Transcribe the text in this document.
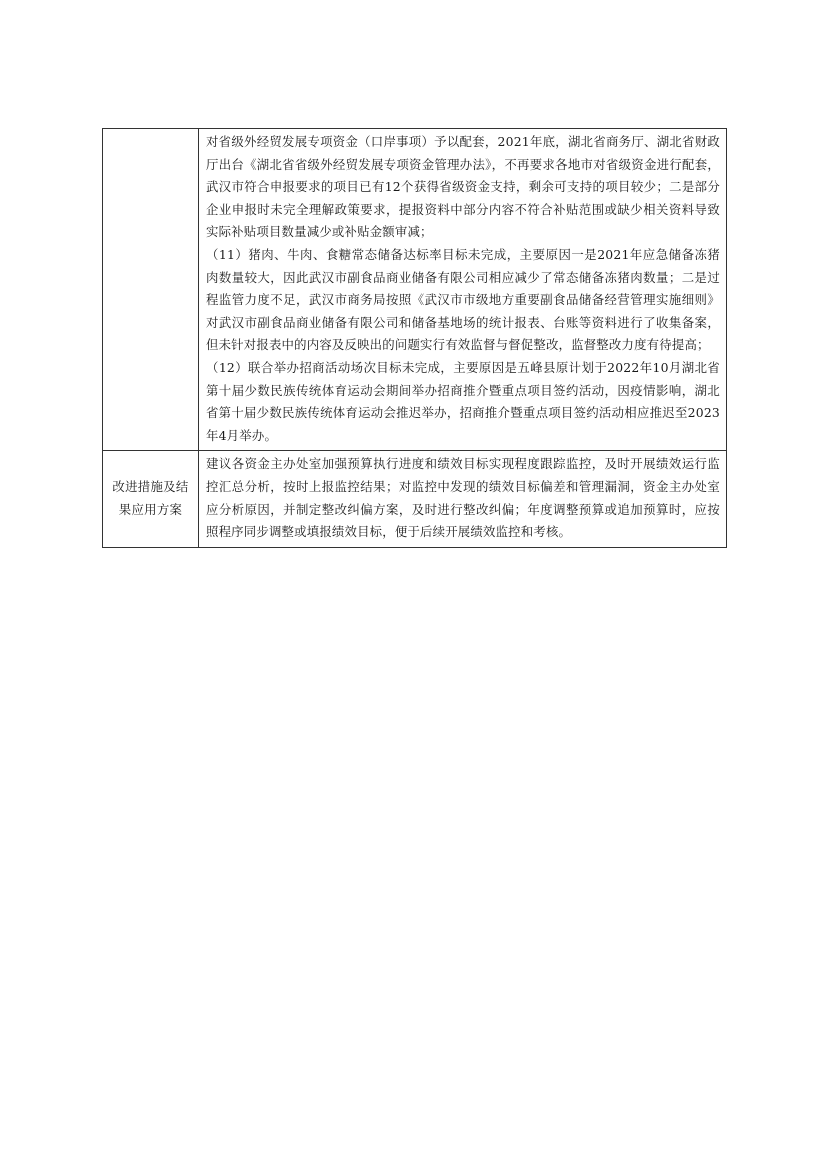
	对省级外经贸发展专项资金（口岸事项）予以配套，2021年底，湖北省商务厅、湖北省财政厅出台《湖北省省级外经贸发展专项资金管理办法》，不再要求各地市对省级资金进行配套，武汉市符合申报要求的项目已有12个获得省级资金支持，剩余可支持的项目较少；二是部分企业申报时未完全理解政策要求，提报资料中部分内容不符合补贴范围或缺少相关资料导致实际补贴项目数量减少或补贴金额审减；

（11）猪肉、牛肉、食糖常态储备达标率目标未完成，主要原因一是2021年应急储备冻猪肉数量较大，因此武汉市副食品商业储备有限公司相应减少了常态储备冻猪肉数量；二是过程监管力度不足，武汉市商务局按照《武汉市市级地方重要副食品储备经营管理实施细则》对武汉市副食品商业储备有限公司和储备基地场的统计报表、台账等资料进行了收集备案，但未针对报表中的内容及反映出的问题实行有效监督与督促整改，监督整改力度有待提高；

（12）联合举办招商活动场次目标未完成，主要原因是五峰县原计划于2022年10月湖北省第十届少数民族传统体育运动会期间举办招商推介暨重点项目签约活动，因疫情影响，湖北省第十届少数民族传统体育运动会推迟举办，招商推介暨重点项目签约活动相应推迟至2023年4月举办。

改进措施及结果应用方案	建议各资金主办处室加强预算执行进度和绩效目标实现程度跟踪监控，及时开展绩效运行监控汇总分析，按时上报监控结果；对监控中发现的绩效目标偏差和管理漏洞，资金主办处室应分析原因，并制定整改纠偏方案，及时进行整改纠偏；年度调整预算或追加预算时，应按照程序同步调整或填报绩效目标，便于后续开展绩效监控和考核。
